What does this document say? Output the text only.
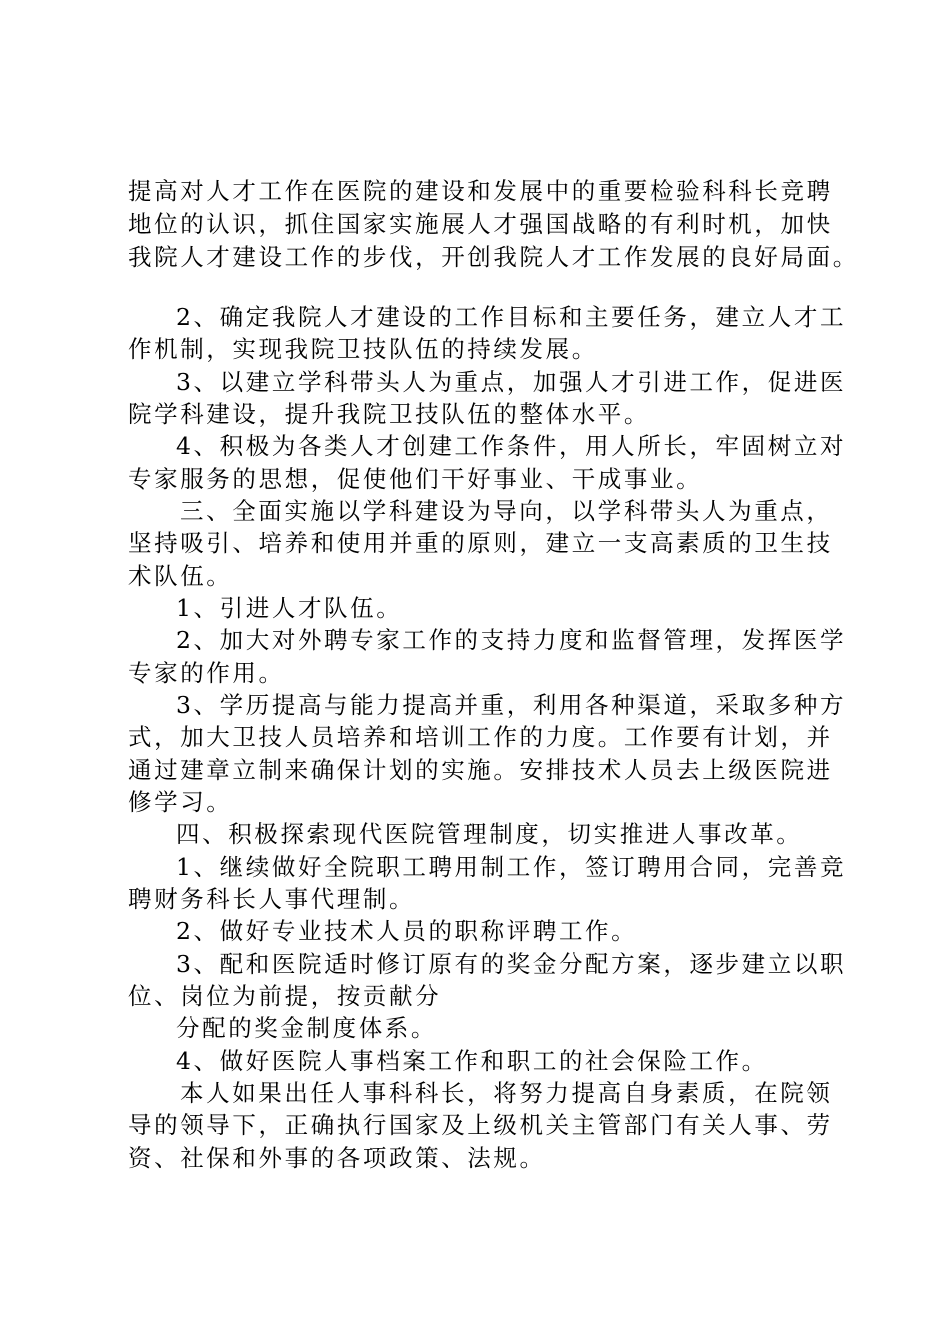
提高对人才工作在医院的建设和发展中的重要检验科科长竞聘

地位的认识，抓住国家实施展人才强国战略的有利时机，加快

我院人才建设工作的步伐，开创我院人才工作发展的良好局面。

2、确定我院人才建设的工作目标和主要任务，建立人才工

作机制，实现我院卫技队伍的持续发展。

3、以建立学科带头人为重点，加强人才引进工作，促进医

院学科建设，提升我院卫技队伍的整体水平。

4、积极为各类人才创建工作条件，用人所长，牢固树立对

专家服务的思想，促使他们干好事业、干成事业。

三、全面实施以学科建设为导向，以学科带头人为重点，

坚持吸引、培养和使用并重的原则，建立一支高素质的卫生技

术队伍。

1、引进人才队伍。

2、加大对外聘专家工作的支持力度和监督管理，发挥医学

专家的作用。

3、学历提高与能力提高并重，利用各种渠道，采取多种方

式，加大卫技人员培养和培训工作的力度。工作要有计划，并

通过建章立制来确保计划的实施。安排技术人员去上级医院进

修学习。

四、积极探索现代医院管理制度，切实推进人事改革。

1、继续做好全院职工聘用制工作，签订聘用合同，完善竞

聘财务科长人事代理制。

2、做好专业技术人员的职称评聘工作。

3、配和医院适时修订原有的奖金分配方案，逐步建立以职

位、岗位为前提，按贡献分

分配的奖金制度体系。

4、做好医院人事档案工作和职工的社会保险工作。

本人如果出任人事科科长，将努力提高自身素质，在院领

导的领导下，正确执行国家及上级机关主管部门有关人事、劳

资、社保和外事的各项政策、法规。
